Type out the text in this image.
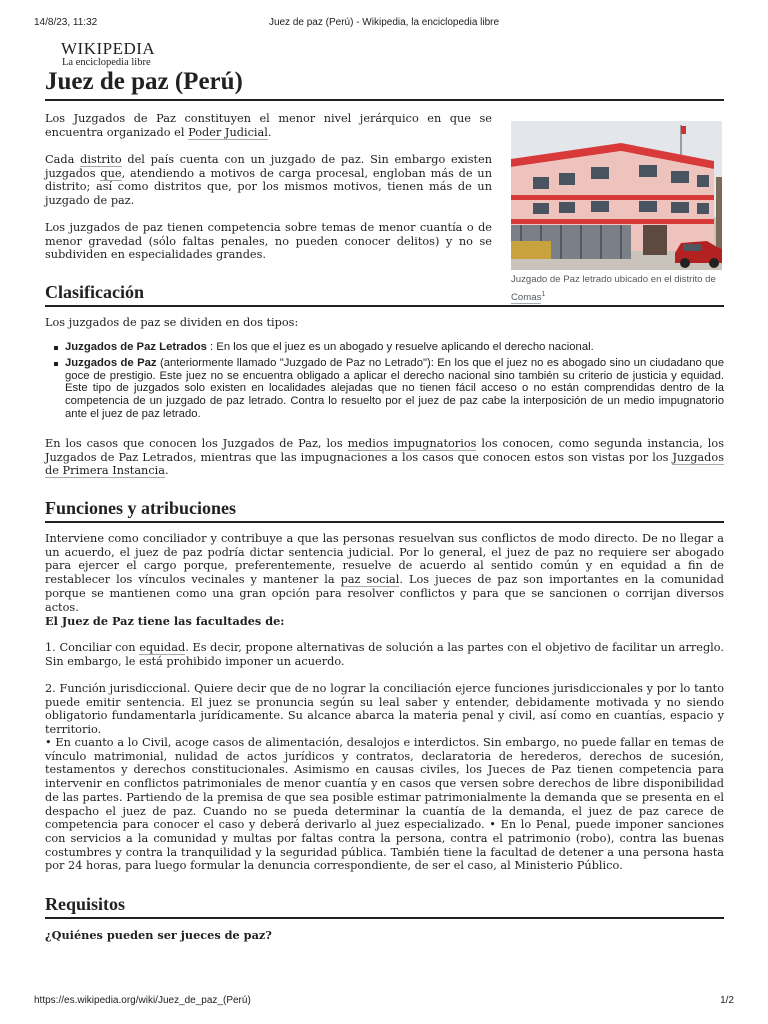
14/8/23, 11:32	Juez de paz (Perú) - Wikipedia, la enciclopedia libre
WIKIPEDIA
La enciclopedia libre
Juez de paz (Perú)

Los Juzgados de Paz constituyen el menor nivel jerárquico en que se encuentra organizado el Poder Judicial.

Cada distrito del país cuenta con un juzgado de paz. Sin embargo existen juzgados que, atendiendo a motivos de carga procesal, engloban más de un distrito; así como distritos que, por los mismos motivos, tienen más de un juzgado de paz.

Los juzgados de paz tienen competencia sobre temas de menor cuantía o de menor gravedad (sólo faltas penales, no pueden conocer delitos) y no se subdividen en especialidades grandes.

Juzgado de Paz letrado ubicado en el distrito de Comas$^1$
Clasificación

Los juzgados de paz se dividen en dos tipos:

Juzgados de Paz Letrados : En los que el juez es un abogado y resuelve aplicando el derecho nacional.
Juzgados de Paz (anteriormente llamado "Juzgado de Paz no Letrado"): En los que el juez no es abogado sino un ciudadano que goce de prestigio. Este juez no se encuentra obligado a aplicar el derecho nacional sino también su criterio de justicia y equidad. Este tipo de juzgados solo existen en localidades alejadas que no tienen fácil acceso o no están comprendidas dentro de la competencia de un juzgado de paz letrado. Contra lo resuelto por el juez de paz cabe la interposición de un medio impugnatorio ante el juez de paz letrado.

En los casos que conocen los Juzgados de Paz, los medios impugnatorios los conocen, como segunda instancia, los Juzgados de Paz Letrados, mientras que las impugnaciones a los casos que conocen estos son vistas por los Juzgados de Primera Instancia.

Funciones y atribuciones

Interviene como conciliador y contribuye a que las personas resuelvan sus conflictos de modo directo. De no llegar a un acuerdo, el juez de paz podría dictar sentencia judicial. Por lo general, el juez de paz no requiere ser abogado para ejercer el cargo porque, preferentemente, resuelve de acuerdo al sentido común y en equidad a fin de restablecer los vínculos vecinales y mantener la paz social. Los jueces de paz son importantes en la comunidad porque se mantienen como una gran opción para resolver conflictos y para que se sancionen o corrijan diversos actos.

El Juez de Paz tiene las facultades de:

1. Conciliar con equidad. Es decir, propone alternativas de solución a las partes con el objetivo de facilitar un arreglo. Sin embargo, le está prohibido imponer un acuerdo.

2. Función jurisdiccional. Quiere decir que de no lograr la conciliación ejerce funciones jurisdiccionales y por lo tanto puede emitir sentencia. El juez se pronuncia según su leal saber y entender, debidamente motivada y no siendo obligatorio fundamentarla jurídicamente. Su alcance abarca la materia penal y civil, así como en cuantías, espacio y territorio.

• En cuanto a lo Civil, acoge casos de alimentación, desalojos e interdictos. Sin embargo, no puede fallar en temas de vínculo matrimonial, nulidad de actos jurídicos y contratos, declaratoria de herederos, derechos de sucesión, testamentos y derechos constitucionales. Asimismo en causas civiles, los Jueces de Paz tienen competencia para intervenir en conflictos patrimoniales de menor cuantía y en casos que versen sobre derechos de libre disponibilidad de las partes. Partiendo de la premisa de que sea posible estimar patrimonialmente la demanda que se presenta en el despacho el juez de paz. Cuando no se pueda determinar la cuantía de la demanda, el juez de paz carece de competencia para conocer el caso y deberá derivarlo al juez especializado. • En lo Penal, puede imponer sanciones con servicios a la comunidad y multas por faltas contra la persona, contra el patrimonio (robo), contra las buenas costumbres y contra la tranquilidad y la seguridad pública. También tiene la facultad de detener a una persona hasta por 24 horas, para luego formular la denuncia correspondiente, de ser el caso, al Ministerio Público.

Requisitos

¿Quiénes pueden ser jueces de paz?

https://es.wikipedia.org/wiki/Juez_de_paz_(Perú)	1/2
